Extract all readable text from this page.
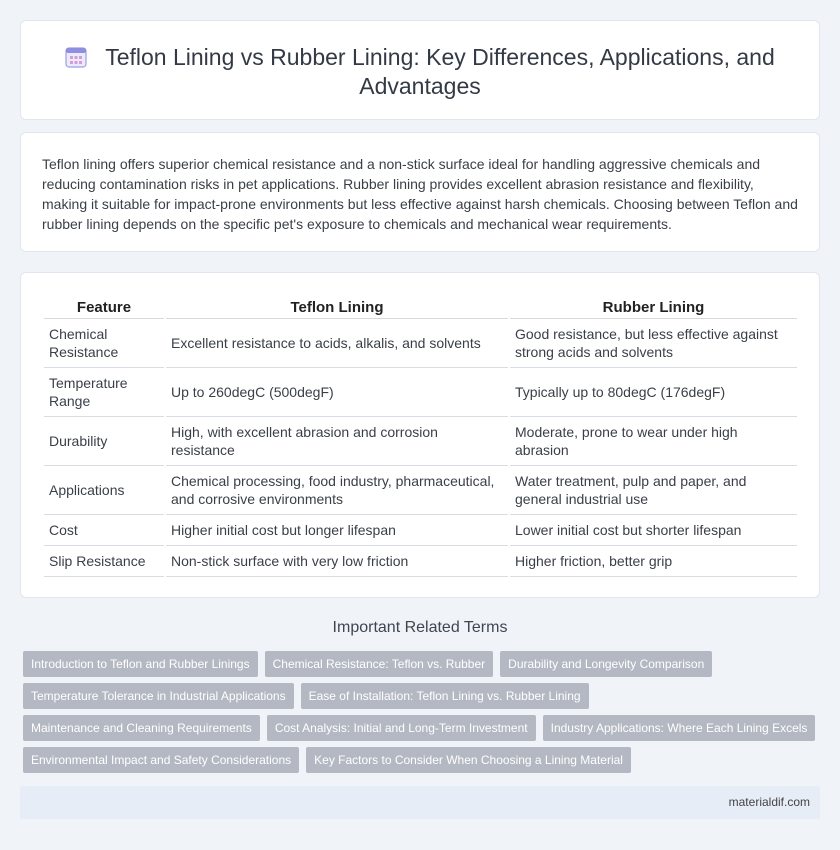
Teflon Lining vs Rubber Lining: Key Differences, Applications, and Advantages

Teflon lining offers superior chemical resistance and a non-stick surface ideal for handling aggressive chemicals and reducing contamination risks in pet applications. Rubber lining provides excellent abrasion resistance and flexibility, making it suitable for impact-prone environments but less effective against harsh chemicals. Choosing between Teflon and rubber lining depends on the specific pet's exposure to chemicals and mechanical wear requirements.

Feature	Teflon Lining	Rubber Lining
Chemical Resistance	Excellent resistance to acids, alkalis, and solvents	Good resistance, but less effective against strong acids and solvents
Temperature Range	Up to 260degC (500degF)	Typically up to 80degC (176degF)
Durability	High, with excellent abrasion and corrosion resistance	Moderate, prone to wear under high abrasion
Applications	Chemical processing, food industry, pharmaceutical, and corrosive environments	Water treatment, pulp and paper, and general industrial use
Cost	Higher initial cost but longer lifespan	Lower initial cost but shorter lifespan
Slip Resistance	Non-stick surface with very low friction	Higher friction, better grip
Important Related Terms
Introduction to Teflon and Rubber Linings	Chemical Resistance: Teflon vs. Rubber	Durability and Longevity Comparison
Temperature Tolerance in Industrial Applications	Ease of Installation: Teflon Lining vs. Rubber Lining
Maintenance and Cleaning Requirements	Cost Analysis: Initial and Long-Term Investment	Industry Applications: Where Each Lining Excels
Environmental Impact and Safety Considerations	Key Factors to Consider When Choosing a Lining Material
materialdif.com
